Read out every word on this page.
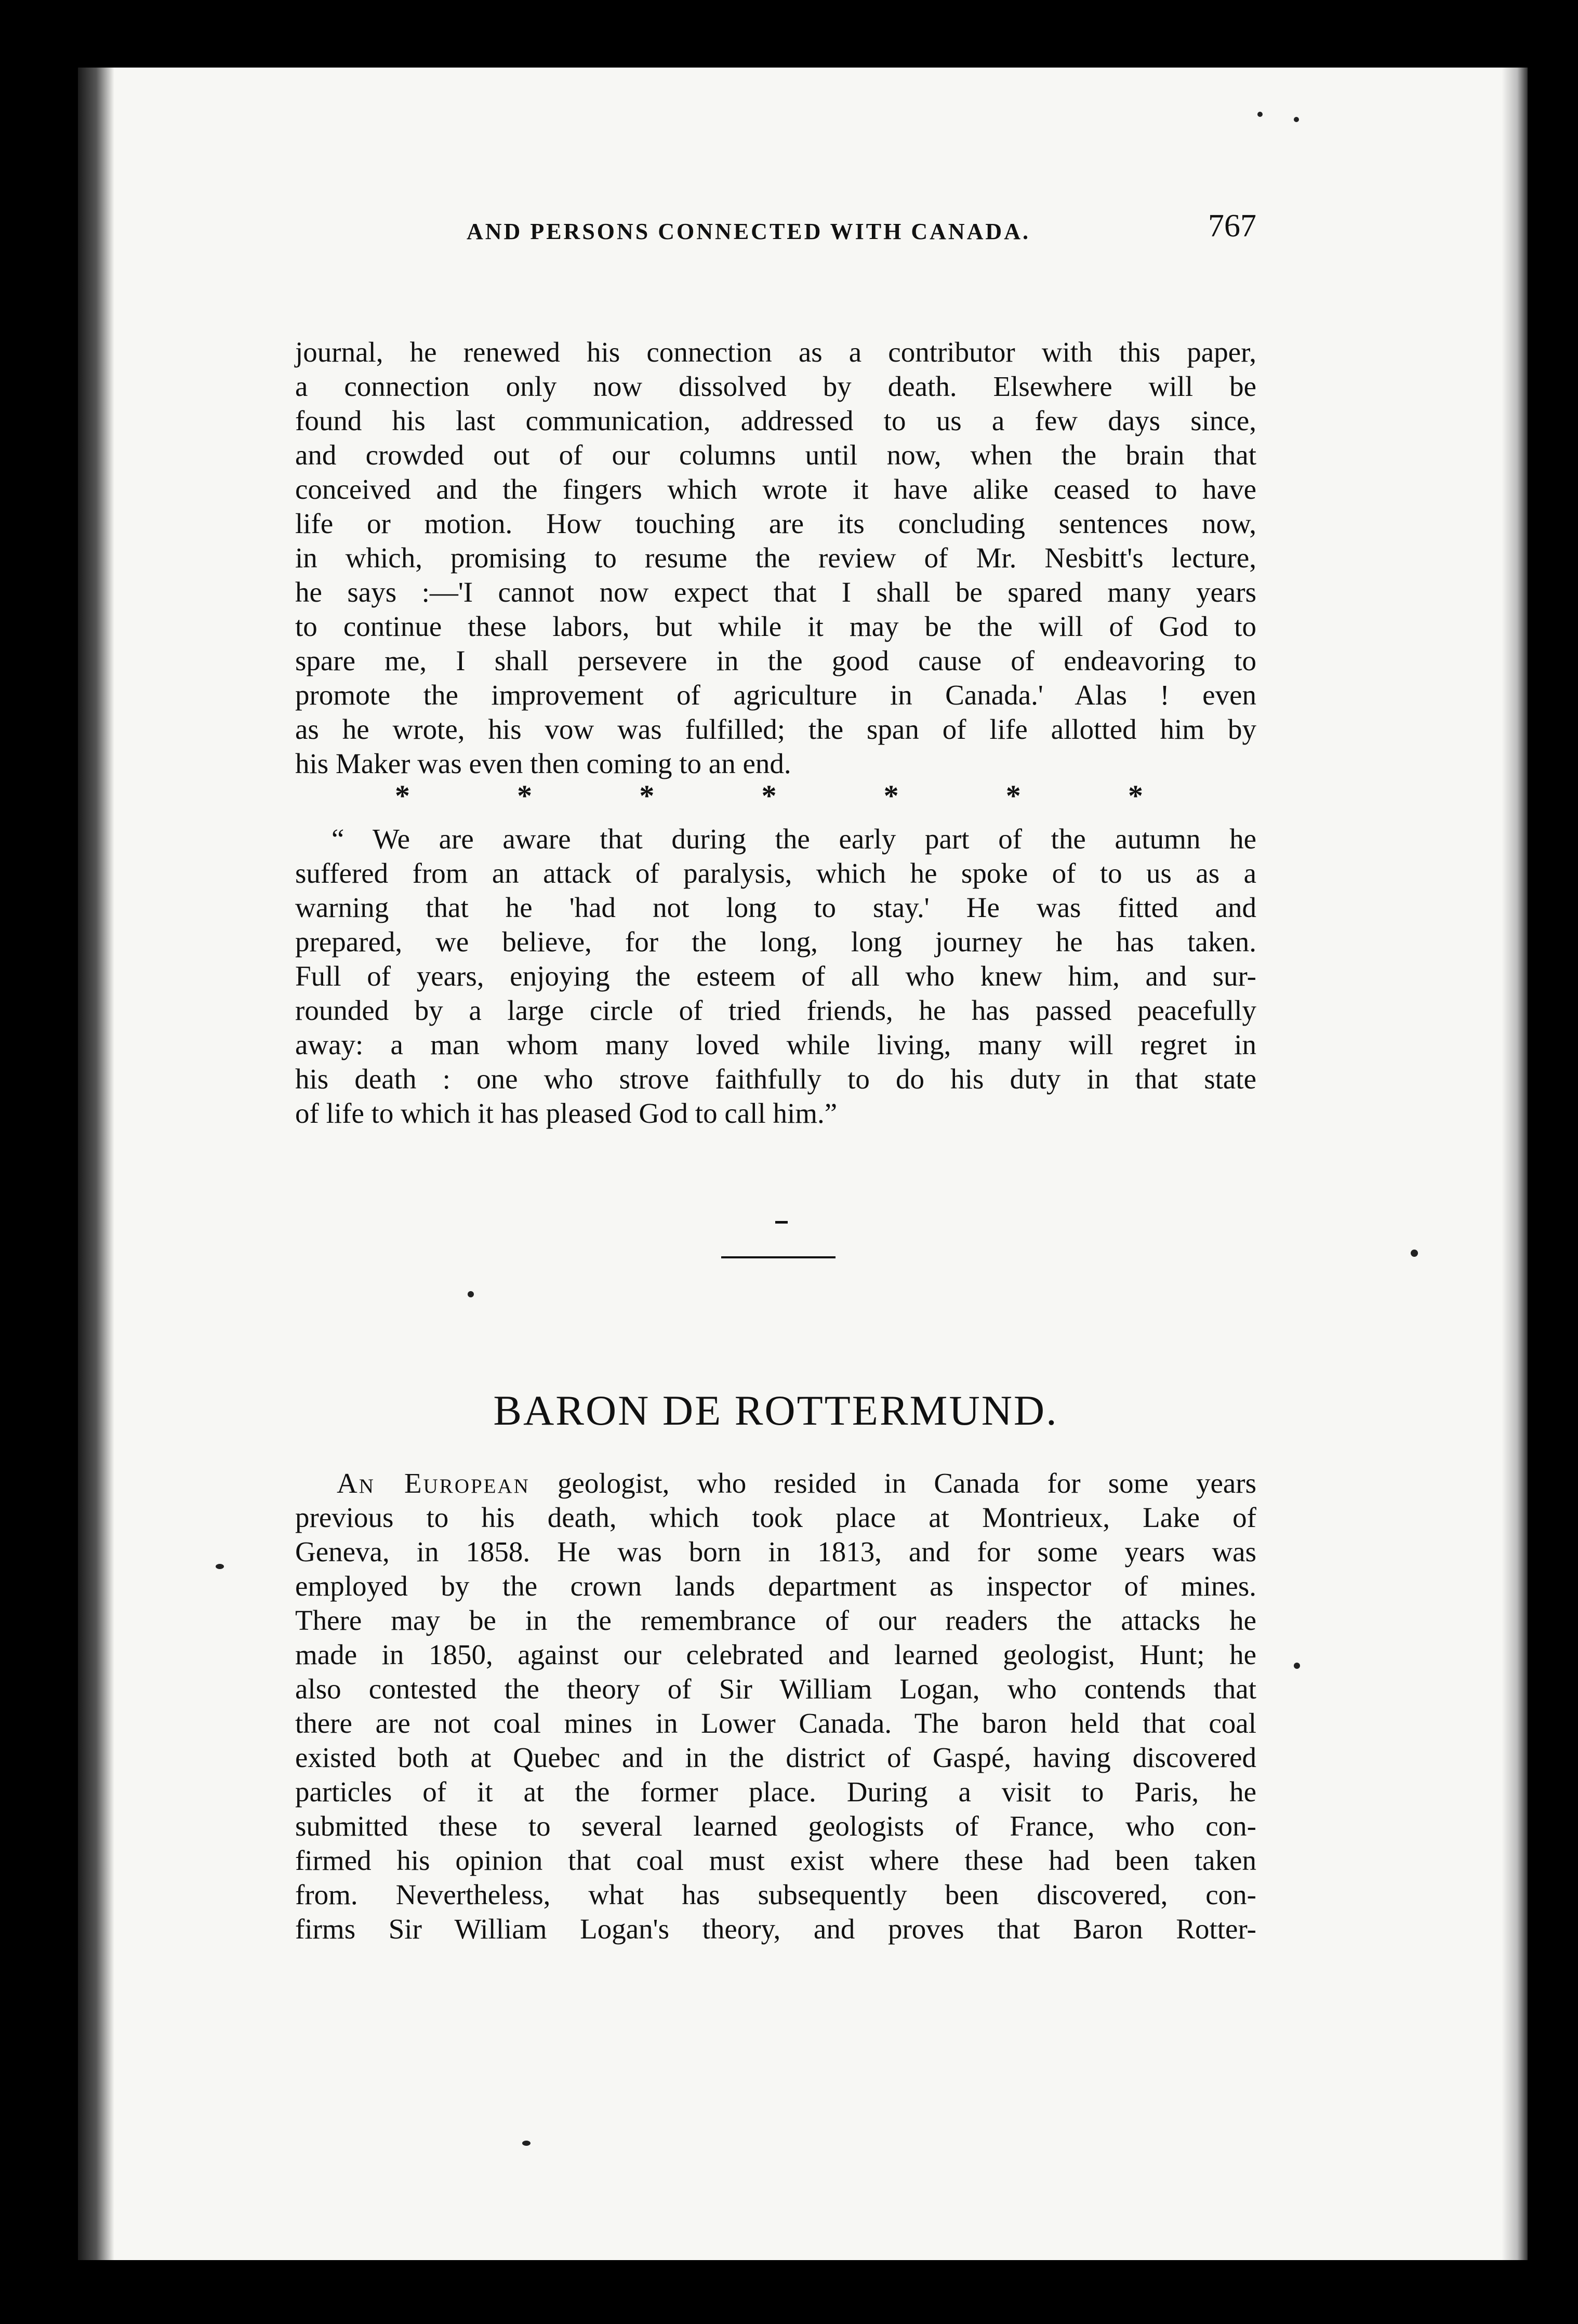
AND PERSONS CONNECTED WITH CANADA.	767
journal, he renewed his connection as a contributor with this paper,
a connection only now dissolved by death. Elsewhere will be
found his last communication, addressed to us a few days since,
and crowded out of our columns until now, when the brain that
conceived and the fingers which wrote it have alike ceased to have
life or motion. How touching are its concluding sentences now,
in which, promising to resume the review of Mr. Nesbitt's lecture,
he says :—'I cannot now expect that I shall be spared many years
to continue these labors, but while it may be the will of God to
spare me, I shall persevere in the good cause of endeavoring to
promote the improvement of agriculture in Canada.' Alas ! even
as he wrote, his vow was fulfilled; the span of life allotted him by
his Maker was even then coming to an end.
*	*	*	*	*	*	*
“ We are aware that during the early part of the autumn he
suffered from an attack of paralysis, which he spoke of to us as a
warning that he 'had not long to stay.' He was fitted and
prepared, we believe, for the long, long journey he has taken.
Full of years, enjoying the esteem of all who knew him, and sur-
rounded by a large circle of tried friends, he has passed peacefully
away: a man whom many loved while living, many will regret in
his death : one who strove faithfully to do his duty in that state
of life to which it has pleased God to call him.”
BARON DE ROTTERMUND.
An European geologist, who resided in Canada for some years
previous to his death, which took place at Montrieux, Lake of
Geneva, in 1858. He was born in 1813, and for some years was
employed by the crown lands department as inspector of mines.
There may be in the remembrance of our readers the attacks he
made in 1850, against our celebrated and learned geologist, Hunt; he
also contested the theory of Sir William Logan, who contends that
there are not coal mines in Lower Canada. The baron held that coal
existed both at Quebec and in the district of Gaspé, having discovered
particles of it at the former place. During a visit to Paris, he
submitted these to several learned geologists of France, who con-
firmed his opinion that coal must exist where these had been taken
from. Nevertheless, what has subsequently been discovered, con-
firms Sir William Logan's theory, and proves that Baron Rotter-
